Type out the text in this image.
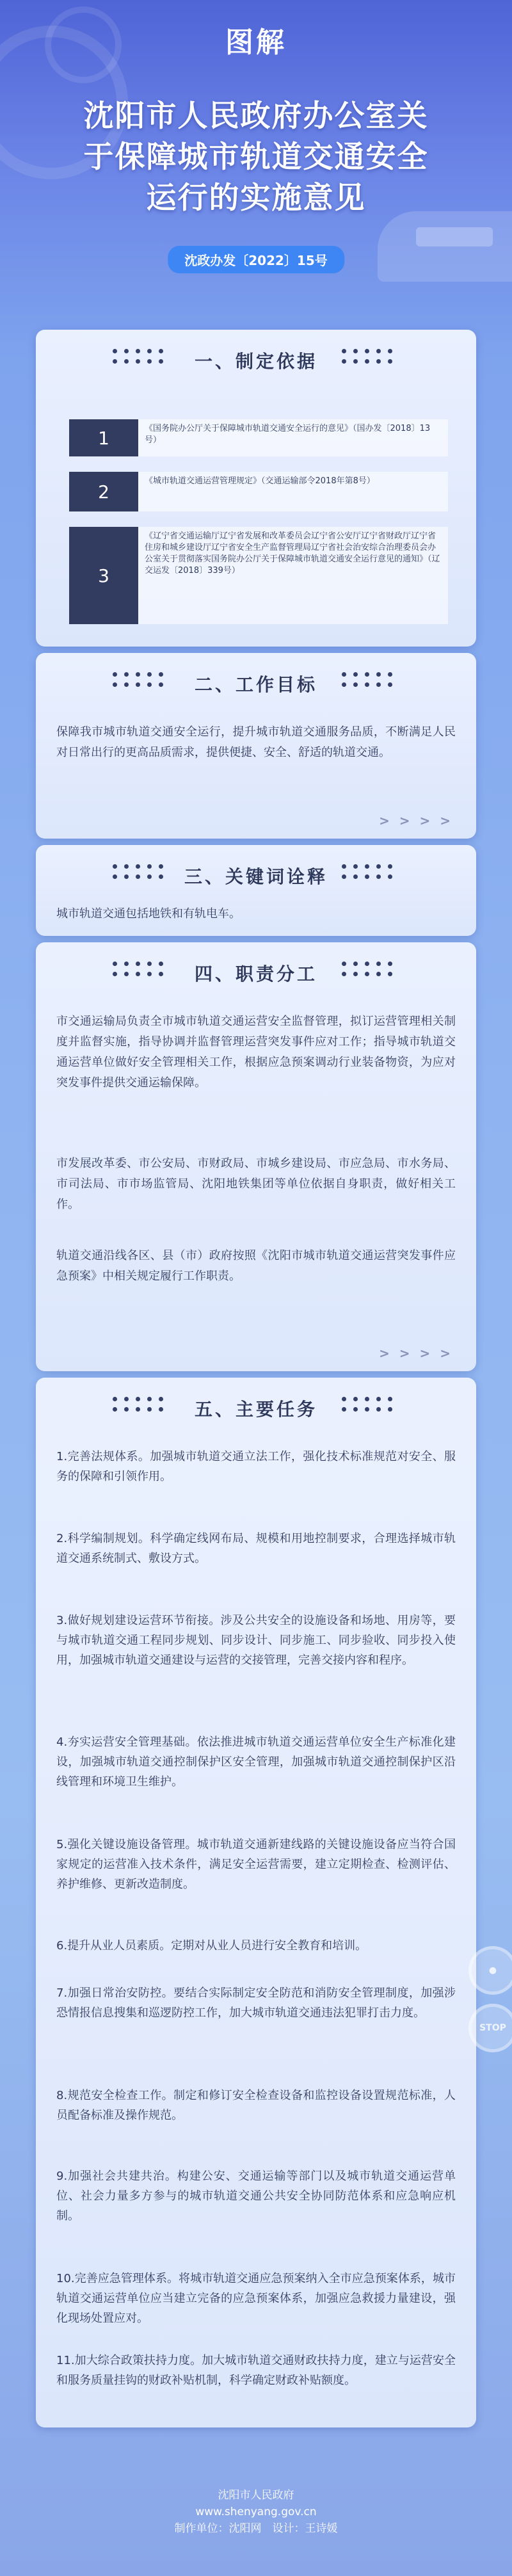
图解
沈阳市人民政府办公室关
于保障城市轨道交通安全
运行的实施意见
沈政办发〔2022〕15号
一、制定依据
1	《国务院办公厅关于保障城市轨道交通安全运行的意见》（国办发〔2018〕13号）
2	《城市轨道交通运营管理规定》（交通运输部令2018年第8号）
3
《辽宁省交通运输厅辽宁省发展和改革委员会辽宁省公安厅辽宁省财政厅辽宁省住房和城乡建设厅辽宁省安全生产监督管理局辽宁省社会治安综合治理委员会办公室关于贯彻落实国务院办公厅关于保障城市轨道交通安全运行意见的通知》（辽交运发〔2018〕339号）
二、工作目标
保障我市城市轨道交通安全运行，提升城市轨道交通服务品质，不断满足人民对日常出行的更高品质需求，提供便捷、安全、舒适的轨道交通。
> > > >
三、关键词诠释
城市轨道交通包括地铁和有轨电车。
四、职责分工
市交通运输局负责全市城市轨道交通运营安全监督管理，拟订运营管理相关制度并监督实施，指导协调并监督管理运营突发事件应对工作；指导城市轨道交通运营单位做好安全管理相关工作，根据应急预案调动行业装备物资，为应对突发事件提供交通运输保障。
市发展改革委、市公安局、市财政局、市城乡建设局、市应急局、市水务局、市司法局、市市场监管局、沈阳地铁集团等单位依据自身职责，做好相关工作。
轨道交通沿线各区、县（市）政府按照《沈阳市城市轨道交通运营突发事件应急预案》中相关规定履行工作职责。
> > > >
五、主要任务
1.完善法规体系。加强城市轨道交通立法工作，强化技术标准规范对安全、服务的保障和引领作用。
2.科学编制规划。科学确定线网布局、规模和用地控制要求，合理选择城市轨道交通系统制式、敷设方式。
3.做好规划建设运营环节衔接。涉及公共安全的设施设备和场地、用房等，要与城市轨道交通工程同步规划、同步设计、同步施工、同步验收、同步投入使用，加强城市轨道交通建设与运营的交接管理，完善交接内容和程序。
4.夯实运营安全管理基础。依法推进城市轨道交通运营单位安全生产标准化建设，加强城市轨道交通控制保护区安全管理，加强城市轨道交通控制保护区沿线管理和环境卫生维护。
5.强化关键设施设备管理。城市轨道交通新建线路的关键设施设备应当符合国家规定的运营准入技术条件，满足安全运营需要，建立定期检查、检测评估、养护维修、更新改造制度。
6.提升从业人员素质。定期对从业人员进行安全教育和培训。
7.加强日常治安防控。要结合实际制定安全防范和消防安全管理制度，加强涉恐情报信息搜集和巡逻防控工作，加大城市轨道交通违法犯罪打击力度。
8.规范安全检查工作。制定和修订安全检查设备和监控设备设置规范标准，人员配备标准及操作规范。
9.加强社会共建共治。构建公安、交通运输等部门以及城市轨道交通运营单位、社会力量多方参与的城市轨道交通公共安全协同防范体系和应急响应机制。
10.完善应急管理体系。将城市轨道交通应急预案纳入全市应急预案体系，城市轨道交通运营单位应当建立完备的应急预案体系，加强应急救援力量建设，强化现场处置应对。
11.加大综合政策扶持力度。加大城市轨道交通财政扶持力度，建立与运营安全和服务质量挂钩的财政补贴机制，科学确定财政补贴额度。
●
STOP
沈阳市人民政府
www.shenyang.gov.cn
制作单位：沈阳网　设计：王诗媛
